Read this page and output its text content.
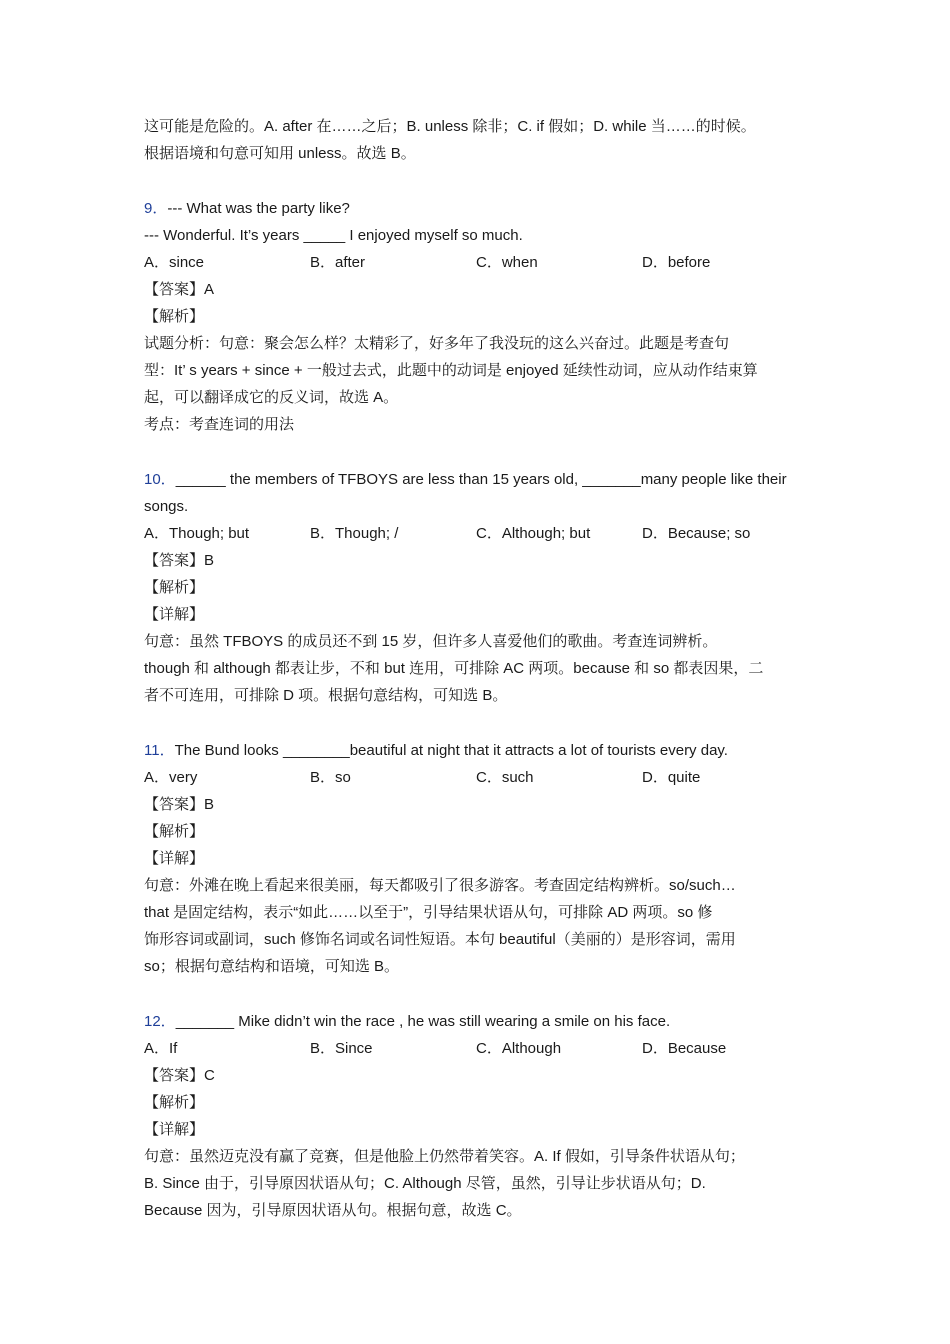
这可能是危险的。A. after 在……之后；B. unless 除非；C. if 假如；D. while 当……的时候。
根据语境和句意可知用 unless。故选 B。
9．--- What was the party like?
--- Wonderful. It’s years _____ I enjoyed myself so much.
A．since	B．after	C．when	D．before
【答案】A
【解析】
试题分析：句意：聚会怎么样？太精彩了，好多年了我没玩的这么兴奋过。此题是考查句
型：It’ s years + since + 一般过去式，此题中的动词是 enjoyed 延续性动词，应从动作结束算
起，可以翻译成它的反义词，故选 A。
考点：考查连词的用法
10．______ the members of TFBOYS are less than 15 years old, _______many people like their
songs.
A．Though; but	B．Though; /	C．Although; but	D．Because; so
【答案】B
【解析】
【详解】
句意：虽然 TFBOYS 的成员还不到 15 岁，但许多人喜爱他们的歌曲。考查连词辨析。
though 和 although 都表让步，不和 but 连用，可排除 AC 两项。because 和 so 都表因果，二
者不可连用，可排除 D 项。根据句意结构，可知选 B。
11．The Bund looks ________beautiful at night that it attracts a lot of tourists every day.
A．very	B．so	C．such	D．quite
【答案】B
【解析】
【详解】
句意：外滩在晚上看起来很美丽，每天都吸引了很多游客。考查固定结构辨析。so/such…
that 是固定结构，表示“如此……以至于”，引导结果状语从句，可排除 AD 两项。so 修
饰形容词或副词，such 修饰名词或名词性短语。本句 beautiful（美丽的）是形容词，需用
so；根据句意结构和语境，可知选 B。
12．_______ Mike didn’t win the race , he was still wearing a smile on his face.
A．If	B．Since	C．Although	D．Because
【答案】C
【解析】
【详解】
句意：虽然迈克没有赢了竞赛，但是他脸上仍然带着笑容。A. If 假如，引导条件状语从句；
B. Since 由于，引导原因状语从句；C. Although 尽管，虽然，引导让步状语从句；D.
Because 因为，引导原因状语从句。根据句意，故选 C。
